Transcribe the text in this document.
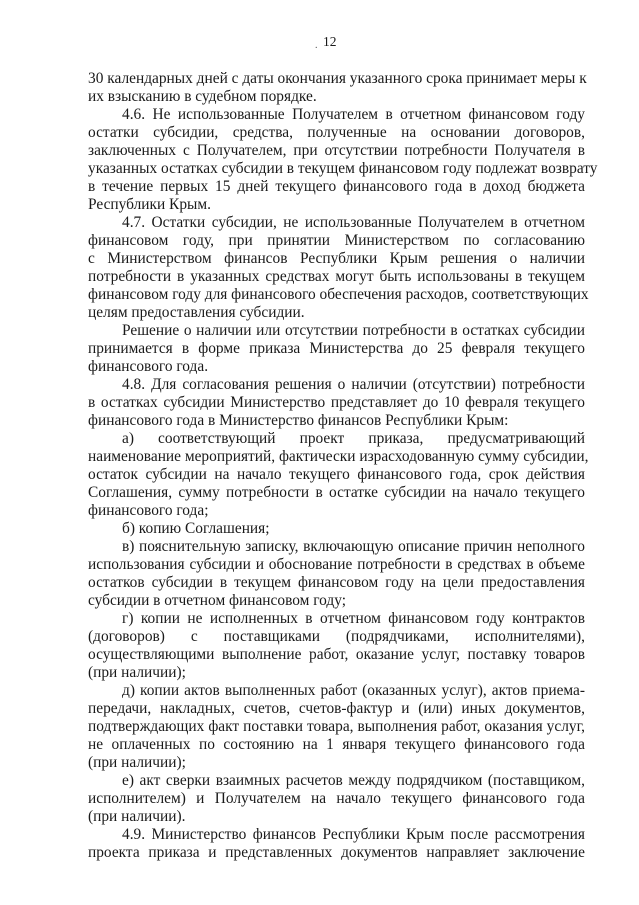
. 12
30 календарных дней с даты окончания указанного срока принимает меры к
их взысканию в судебном порядке.
4.6. Не использованные Получателем в отчетном финансовом году
остатки субсидии, средства, полученные на основании договоров,
заключенных с Получателем, при отсутствии потребности Получателя в
указанных остатках субсидии в текущем финансовом году подлежат возврату
в течение первых 15 дней текущего финансового года в доход бюджета
Республики Крым.
4.7. Остатки субсидии, не использованные Получателем в отчетном
финансовом году, при принятии Министерством по согласованию
с Министерством финансов Республики Крым решения о наличии
потребности в указанных средствах могут быть использованы в текущем
финансовом году для финансового обеспечения расходов, соответствующих
целям предоставления субсидии.
Решение о наличии или отсутствии потребности в остатках субсидии
принимается в форме приказа Министерства до 25 февраля текущего
финансового года.
4.8. Для согласования решения о наличии (отсутствии) потребности
в остатках субсидии Министерство представляет до 10 февраля текущего
финансового года в Министерство финансов Республики Крым:
а) соответствующий проект приказа, предусматривающий
наименование мероприятий, фактически израсходованную сумму субсидии,
остаток субсидии на начало текущего финансового года, срок действия
Соглашения, сумму потребности в остатке субсидии на начало текущего
финансового года;
б) копию Соглашения;
в) пояснительную записку, включающую описание причин неполного
использования субсидии и обоснование потребности в средствах в объеме
остатков субсидии в текущем финансовом году на цели предоставления
субсидии в отчетном финансовом году;
г) копии не исполненных в отчетном финансовом году контрактов
(договоров) с поставщиками (подрядчиками, исполнителями),
осуществляющими выполнение работ, оказание услуг, поставку товаров
(при наличии);
д) копии актов выполненных работ (оказанных услуг), актов приема-
передачи, накладных, счетов, счетов-фактур и (или) иных документов,
подтверждающих факт поставки товара, выполнения работ, оказания услуг,
не оплаченных по состоянию на 1 января текущего финансового года
(при наличии);
е) акт сверки взаимных расчетов между подрядчиком (поставщиком,
исполнителем) и Получателем на начало текущего финансового года
(при наличии).
4.9. Министерство финансов Республики Крым после рассмотрения
проекта приказа и представленных документов направляет заключение
